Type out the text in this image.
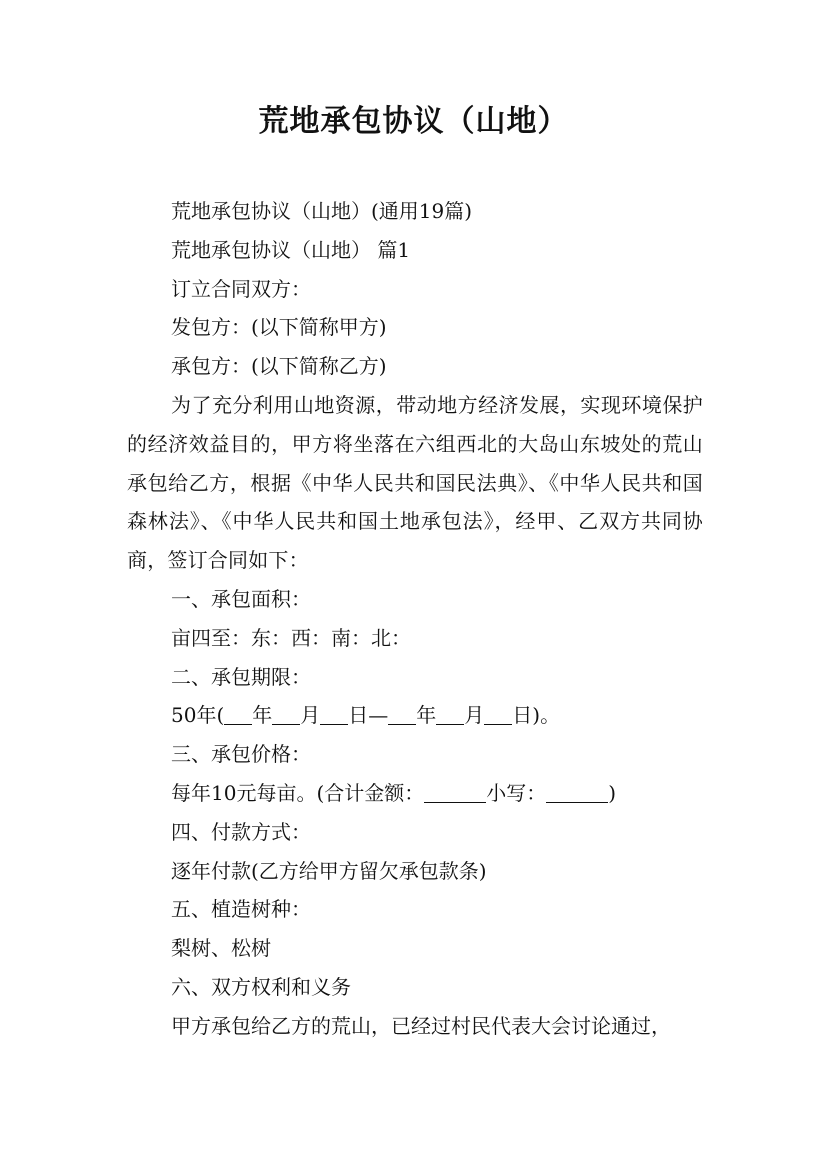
荒地承包协议（山地）

荒地承包协议（山地）(通用19篇)

荒地承包协议（山地） 篇1

订立合同双方：

发包方：(以下简称甲方)

承包方：(以下简称乙方)

为了充分利用山地资源，带动地方经济发展，实现环境保护的经济效益目的，甲方将坐落在六组西北的大岛山东坡处的荒山承包给乙方，根据《中华人民共和国民法典》、《中华人民共和国森林法》、《中华人民共和国土地承包法》，经甲、乙双方共同协商，签订合同如下：

一、承包面积：

亩四至：东：西：南：北：

二、承包期限：

50年( 年 月 日— 年 月 日)。

三、承包价格：

每年10元每亩。(合计金额：	小写：	)

四、付款方式：

逐年付款(乙方给甲方留欠承包款条)

五、植造树种：

梨树、松树

六、双方权利和义务

甲方承包给乙方的荒山，已经过村民代表大会讨论通过，
